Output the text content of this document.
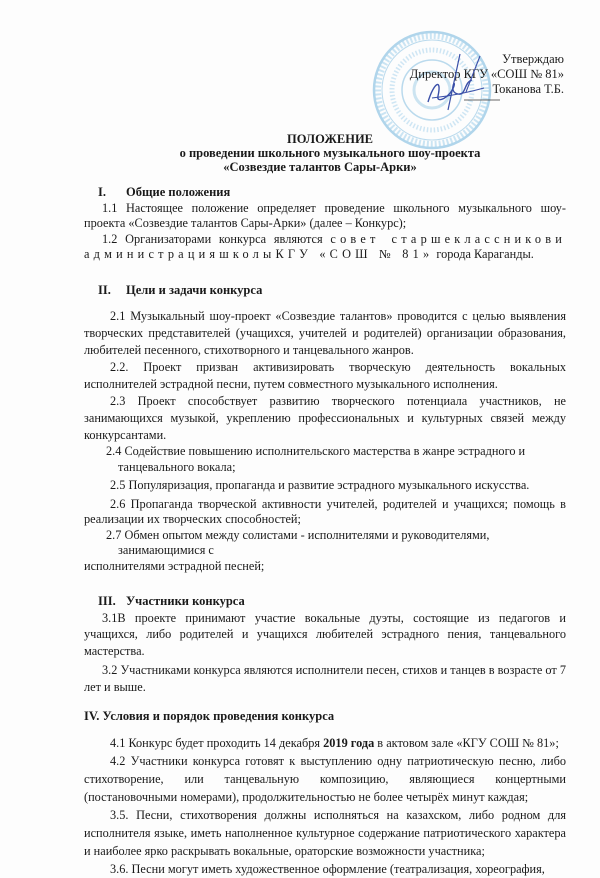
Утверждаю
«СОШ № 81»
Токанова Т.Б.
Директор КГУ
ПОЛОЖЕНИЕ
о проведении школьного музыкального шоу-проекта
«Созвездие талантов Сары-Арки»
I. Общие положения

1.1 Настоящее положение определяет проведение школьного музыкального шоу-проекта «Созвездие талантов Сары-Арки» (далее – Конкурс);

1.2 Организаторами конкурса являются совет старшеклассникови администрацияшколыКГУ «СОШ № 81» города Караганды.

II. Цели и задачи конкурса

2.1 Музыкальный шоу-проект «Созвездие талантов» проводится с целью выявления творческих представителей (учащихся, учителей и родителей) организации образования, любителей песенного, стихотворного и танцевального жанров.

2.2. Проект призван активизировать творческую деятельность вокальных исполнителей эстрадной песни, путем совместного музыкального исполнения.

2.3 Проект способствует развитию творческого потенциала участников, не занимающихся музыкой, укреплению профессиональных и культурных связей между конкурсантами.

2.4 Содействие повышению исполнительского мастерства в жанре эстрадного и танцевального вокала;

2.5 Популяризация, пропаганда и развитие эстрадного музыкального искусства.

2.6 Пропаганда творческой активности учителей, родителей и учащихся; помощь в реализации их творческих способностей;

2.7 Обмен опытом между солистами - исполнителями и руководителями, занимающимися с

исполнителями эстрадной песней;

III. Участники конкурса

3.1В проекте принимают участие вокальные дуэты, состоящие из педагогов и учащихся, либо родителей и учащихся любителей эстрадного пения, танцевального мастерства.

3.2 Участниками конкурса являются исполнители песен, стихов и танцев в возрасте от 7 лет и выше.

IV. Условия и порядок проведения конкурса

4.1 Конкурс будет проходить 14 декабря 2019 года в актовом зале «КГУ СОШ № 81»;

4.2 Участники конкурса готовят к выступлению одну патриотическую песню, либо стихотворение, или танцевальную композицию, являющиеся концертными (постановочными номерами), продолжительностью не более четырёх минут каждая;

3.5. Песни, стихотворения должны исполняться на казахском, либо родном для исполнителя языке, иметь наполненное культурное содержание патриотического характера и наиболее ярко раскрывать вокальные, ораторские возможности участника;

3.6. Песни могут иметь художественное оформление (театрализация, хореография,
